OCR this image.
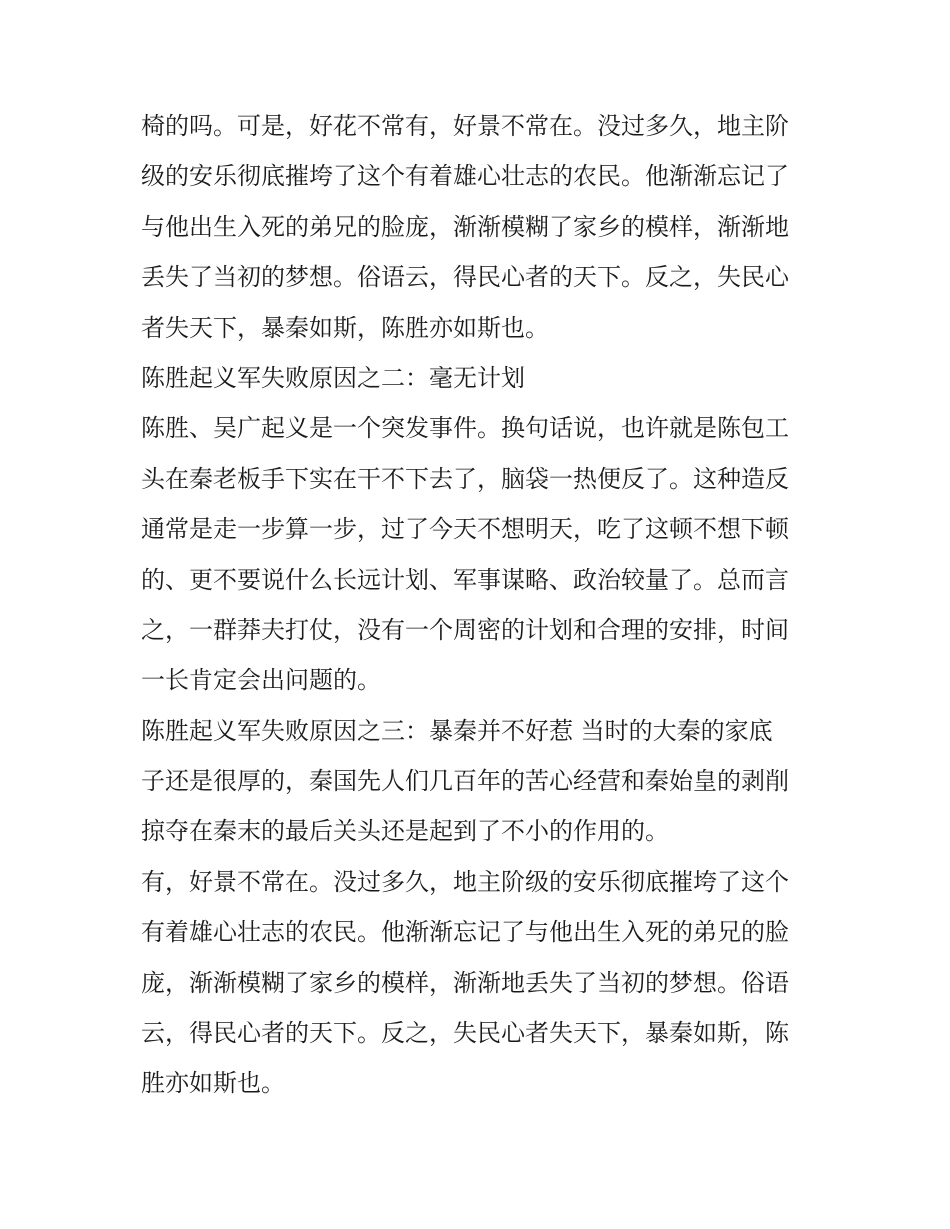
椅的吗。可是，好花不常有，好景不常在。没过多久，地主阶
级的安乐彻底摧垮了这个有着雄心壮志的农民。他渐渐忘记了
与他出生入死的弟兄的脸庞，渐渐模糊了家乡的模样，渐渐地
丢失了当初的梦想。俗语云，得民心者的天下。反之，失民心
者失天下，暴秦如斯，陈胜亦如斯也。
陈胜起义军失败原因之二：毫无计划
陈胜、吴广起义是一个突发事件。换句话说，也许就是陈包工
头在秦老板手下实在干不下去了，脑袋一热便反了。这种造反
通常是走一步算一步，过了今天不想明天，吃了这顿不想下顿
的、更不要说什么长远计划、军事谋略、政治较量了。总而言
之，一群莽夫打仗，没有一个周密的计划和合理的安排，时间
一长肯定会出问题的。
陈胜起义军失败原因之三：暴秦并不好惹 当时的大秦的家底
子还是很厚的，秦国先人们几百年的苦心经营和秦始皇的剥削
掠夺在秦末的最后关头还是起到了不小的作用的。
有，好景不常在。没过多久，地主阶级的安乐彻底摧垮了这个
有着雄心壮志的农民。他渐渐忘记了与他出生入死的弟兄的脸
庞，渐渐模糊了家乡的模样，渐渐地丢失了当初的梦想。俗语
云，得民心者的天下。反之，失民心者失天下，暴秦如斯，陈
胜亦如斯也。
